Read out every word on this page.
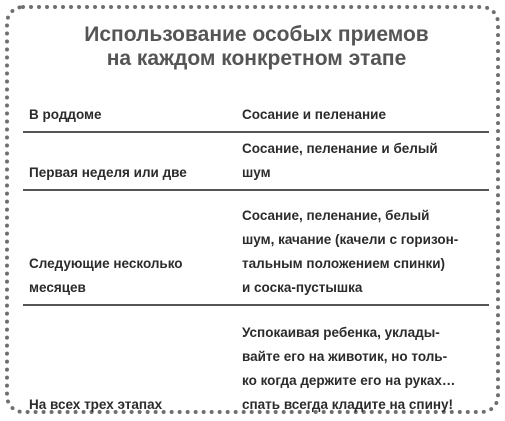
Использование особых приемов
на каждом конкретном этапе
В роддоме	Сосание и пеленание
Первая неделя или две
Сосание, пеленание и белый
шум
Следующие несколько
месяцев
Сосание, пеленание, белый
шум, качание (качели с горизон-
тальным положением спинки)
и соска-пустышка
На всех трех этапах
Успокаивая ребенка, уклады-
вайте его на животик, но толь-
ко когда держите его на руках…
спать всегда кладите на спину!
